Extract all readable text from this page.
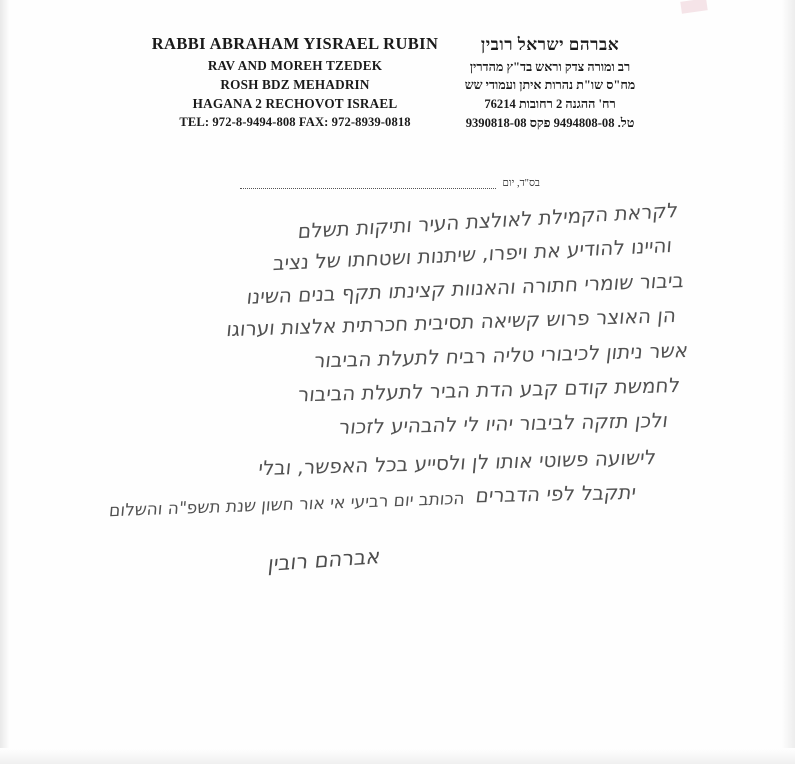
RABBI ABRAHAM YISRAEL RUBIN
RAV AND MOREH TZEDEK
ROSH BDZ MEHADRIN
HAGANA 2 RECHOVOT ISRAEL
TEL: 972-8-9494-808 FAX: 972-8939-0818
אברהם ישראל רובין
רב ומורה צדק וראש בד"ץ מהדרין
מח"ס שו"ת נהרות איתן ועמודי שש
רח' ההגנה 2 רחובות 76214
טל. 9494808-08 פקס 9390818-08
בס"ד, יום
לקראת הקמילת לאולצת העיר ותיקות תשלם
והיינו להודיע את ויפרו, שיתנות ושטחתו של נציב
ביבור שומרי חתורה והאנוות קצינתו תקף בנים השינו
הן האוצר פרוש קשיאה תסיבית חכרתית אלצות וערוגו
אשר ניתון לכיבורי טליה רביח לתעלת הביבור
לחמשת קודם קבע הדת הביר לתעלת הביבור
ולכן תזקה לביבור יהיו לי להבהיע לזכור
לישועה פשוטי אותו לן ולסייע בכל האפשר, ובלי
יתקבל לפי הדברים
הכותב יום רביעי אי אור חשון שנת תשפ"ה והשלום
אברהם רובין
